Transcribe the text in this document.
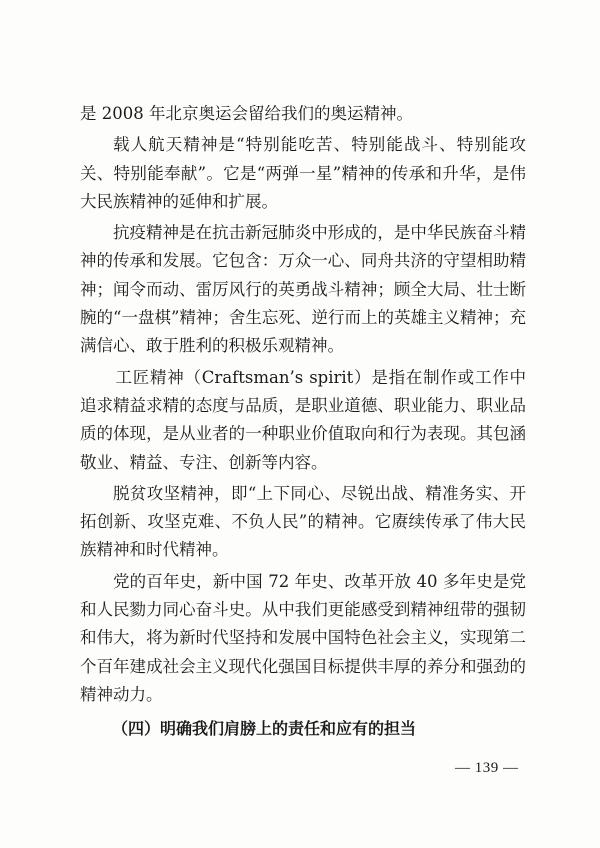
是 2008 年北京奥运会留给我们的奥运精神。

载人航天精神是“特别能吃苦、特别能战斗、特别能攻关、特别能奉献”。它是“两弹一星”精神的传承和升华，是伟大民族精神的延伸和扩展。

抗疫精神是在抗击新冠肺炎中形成的，是中华民族奋斗精神的传承和发展。它包含：万众一心、同舟共济的守望相助精神；闻令而动、雷厉风行的英勇战斗精神；顾全大局、壮士断腕的“一盘棋”精神；舍生忘死、逆行而上的英雄主义精神；充满信心、敢于胜利的积极乐观精神。

工匠精神（Craftsman’s spirit）是指在制作或工作中追求精益求精的态度与品质，是职业道德、职业能力、职业品质的体现，是从业者的一种职业价值取向和行为表现。其包涵敬业、精益、专注、创新等内容。

脱贫攻坚精神，即“上下同心、尽锐出战、精准务实、开拓创新、攻坚克难、不负人民”的精神。它赓续传承了伟大民族精神和时代精神。

党的百年史，新中国 72 年史、改革开放 40 多年史是党和人民勠力同心奋斗史。从中我们更能感受到精神纽带的强韧和伟大，将为新时代坚持和发展中国特色社会主义，实现第二个百年建成社会主义现代化强国目标提供丰厚的养分和强劲的精神动力。

（四）明确我们肩膀上的责任和应有的担当

— 139 —
